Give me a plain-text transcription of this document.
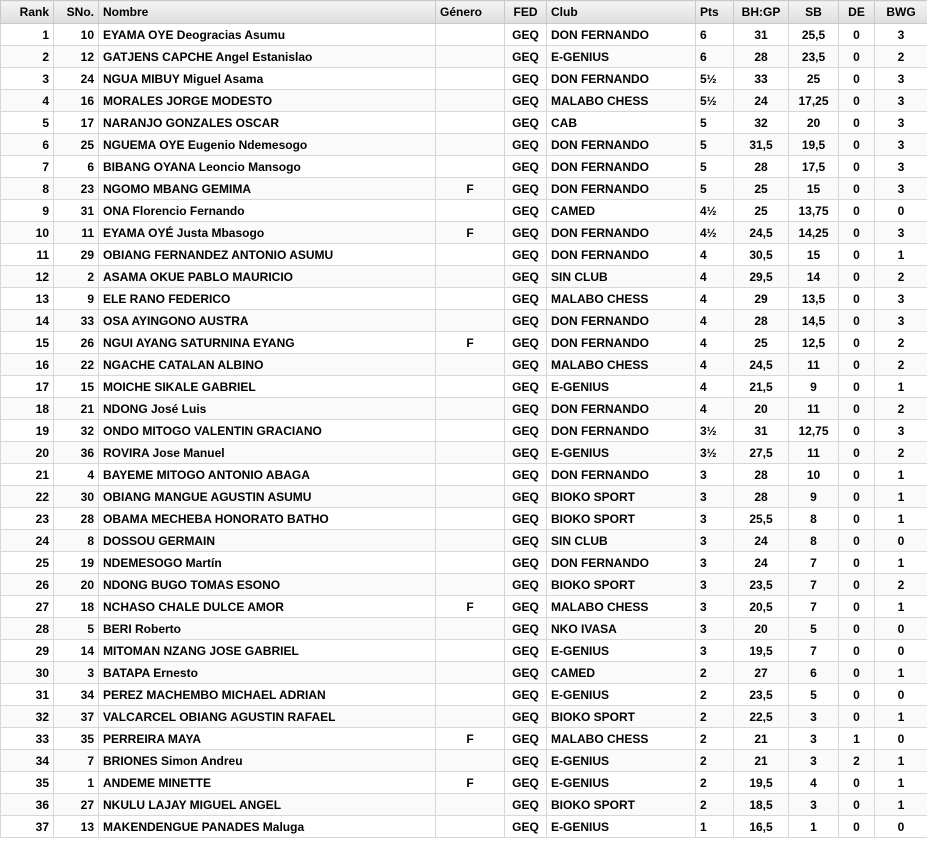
Rank	SNo.	Nombre	Género	FED	Club	Pts	BH:GP	SB	DE	BWG
1	10	EYAMA OYE Deogracias Asumu		GEQ	DON FERNANDO	6	31	25,5	0	3
2	12	GATJENS CAPCHE Angel Estanislao		GEQ	E-GENIUS	6	28	23,5	0	2
3	24	NGUA MIBUY Miguel Asama		GEQ	DON FERNANDO	5½	33	25	0	3
4	16	MORALES JORGE MODESTO		GEQ	MALABO CHESS	5½	24	17,25	0	3
5	17	NARANJO GONZALES OSCAR		GEQ	CAB	5	32	20	0	3
6	25	NGUEMA OYE Eugenio Ndemesogo		GEQ	DON FERNANDO	5	31,5	19,5	0	3
7	6	BIBANG OYANA Leoncio Mansogo		GEQ	DON FERNANDO	5	28	17,5	0	3
8	23	NGOMO MBANG GEMIMA	F	GEQ	DON FERNANDO	5	25	15	0	3
9	31	ONA Florencio Fernando		GEQ	CAMED	4½	25	13,75	0	0
10	11	EYAMA OYÉ Justa Mbasogo	F	GEQ	DON FERNANDO	4½	24,5	14,25	0	3
11	29	OBIANG FERNANDEZ ANTONIO ASUMU		GEQ	DON FERNANDO	4	30,5	15	0	1
12	2	ASAMA OKUE PABLO MAURICIO		GEQ	SIN CLUB	4	29,5	14	0	2
13	9	ELE RANO FEDERICO		GEQ	MALABO CHESS	4	29	13,5	0	3
14	33	OSA AYINGONO AUSTRA		GEQ	DON FERNANDO	4	28	14,5	0	3
15	26	NGUI AYANG SATURNINA EYANG	F	GEQ	DON FERNANDO	4	25	12,5	0	2
16	22	NGACHE CATALAN ALBINO		GEQ	MALABO CHESS	4	24,5	11	0	2
17	15	MOICHE SIKALE GABRIEL		GEQ	E-GENIUS	4	21,5	9	0	1
18	21	NDONG José Luis		GEQ	DON FERNANDO	4	20	11	0	2
19	32	ONDO MITOGO VALENTIN GRACIANO		GEQ	DON FERNANDO	3½	31	12,75	0	3
20	36	ROVIRA Jose Manuel		GEQ	E-GENIUS	3½	27,5	11	0	2
21	4	BAYEME MITOGO ANTONIO ABAGA		GEQ	DON FERNANDO	3	28	10	0	1
22	30	OBIANG MANGUE AGUSTIN ASUMU		GEQ	BIOKO SPORT	3	28	9	0	1
23	28	OBAMA MECHEBA HONORATO BATHO		GEQ	BIOKO SPORT	3	25,5	8	0	1
24	8	DOSSOU GERMAIN		GEQ	SIN CLUB	3	24	8	0	0
25	19	NDEMESOGO Martín		GEQ	DON FERNANDO	3	24	7	0	1
26	20	NDONG BUGO TOMAS ESONO		GEQ	BIOKO SPORT	3	23,5	7	0	2
27	18	NCHASO CHALE DULCE AMOR	F	GEQ	MALABO CHESS	3	20,5	7	0	1
28	5	BERI Roberto		GEQ	NKO IVASA	3	20	5	0	0
29	14	MITOMAN NZANG JOSE GABRIEL		GEQ	E-GENIUS	3	19,5	7	0	0
30	3	BATAPA Ernesto		GEQ	CAMED	2	27	6	0	1
31	34	PEREZ MACHEMBO MICHAEL ADRIAN		GEQ	E-GENIUS	2	23,5	5	0	0
32	37	VALCARCEL OBIANG AGUSTIN RAFAEL		GEQ	BIOKO SPORT	2	22,5	3	0	1
33	35	PERREIRA MAYA	F	GEQ	MALABO CHESS	2	21	3	1	0
34	7	BRIONES Simon Andreu		GEQ	E-GENIUS	2	21	3	2	1
35	1	ANDEME MINETTE	F	GEQ	E-GENIUS	2	19,5	4	0	1
36	27	NKULU LAJAY MIGUEL ANGEL		GEQ	BIOKO SPORT	2	18,5	3	0	1
37	13	MAKENDENGUE PANADES Maluga		GEQ	E-GENIUS	1	16,5	1	0	0
